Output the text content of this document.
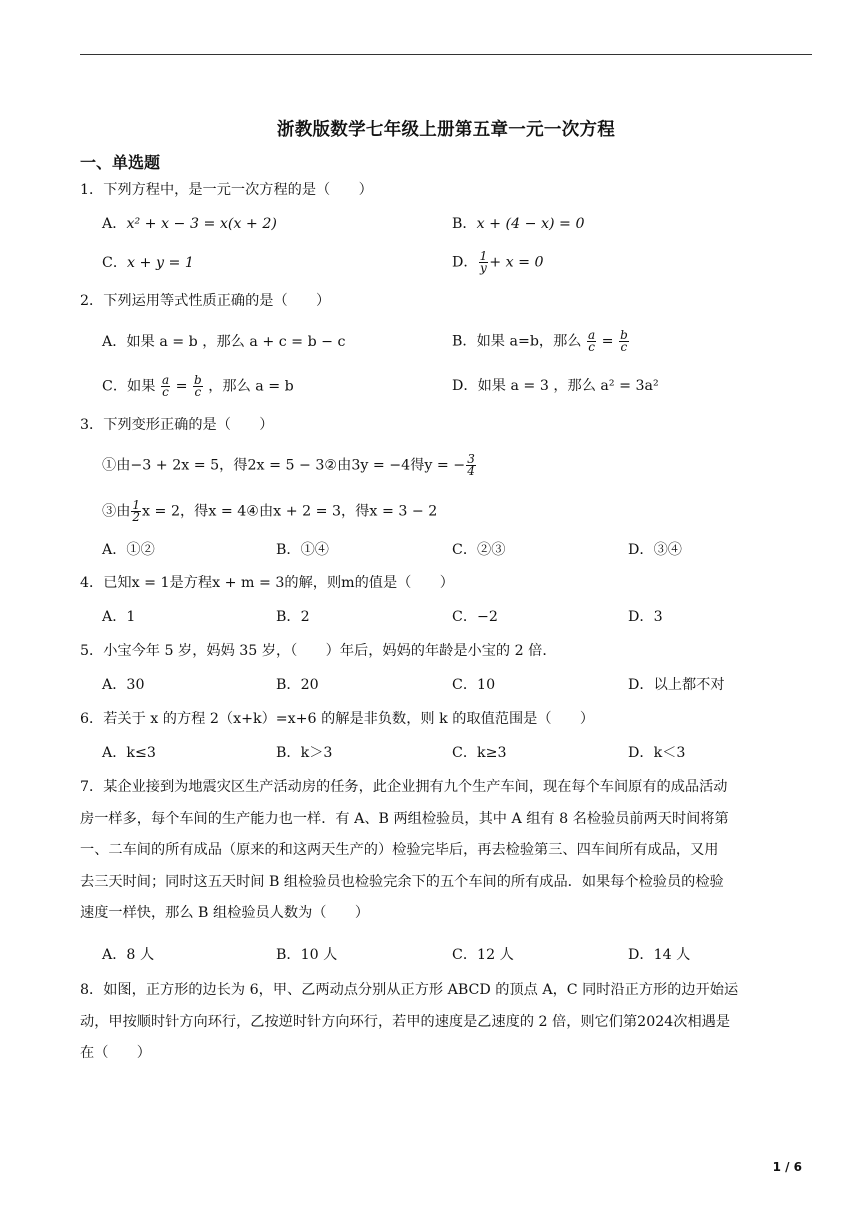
浙教版数学七年级上册第五章一元一次方程
一、单选题
1．下列方程中，是一元一次方程的是（　　）
A．x² + x − 3 = x(x + 2)	B．x + (4 − x) = 0
C．x + y = 1	D． $\frac{1}{y} + x = 0$
2．下列运用等式性质正确的是（　　）
A．如果 a = b ，那么 a + c = b − c	B．如果 a=b，那么 $\frac{a}{c} = \frac{b}{c}$
C．如果 $\frac{a}{c} = \frac{b}{c}$ ，那么 a = b	D．如果 a = 3 ，那么 a² = 3a²
3．下列变形正确的是（　　）
①由−3 + 2x = 5，得2x = 5 − 3②由3y = −4得y = − $\frac{3}{4}$
③由 $\frac{1}{2}$ x = 2，得x = 4④由x + 2 = 3，得x = 3 − 2
A．①②	B．①④	C．②③	D．③④
4．已知x = 1是方程x + m = 3的解，则m的值是（　　）
A．1	B．2	C．−2	D．3
5．小宝今年 5 岁，妈妈 35 岁，（　　）年后，妈妈的年龄是小宝的 2 倍．
A．30	B．20	C．10	D．以上都不对
6．若关于 x 的方程 2（x+k）=x+6 的解是非负数，则 k 的取值范围是（　　）
A．k≤3	B．k＞3	C．k≥3	D．k＜3
7．某企业接到为地震灾区生产活动房的任务，此企业拥有九个生产车间，现在每个车间原有的成品活动
房一样多，每个车间的生产能力也一样．有 A、B 两组检验员，其中 A 组有 8 名检验员前两天时间将第
一、二车间的所有成品（原来的和这两天生产的）检验完毕后，再去检验第三、四车间所有成品，又用
去三天时间；同时这五天时间 B 组检验员也检验完余下的五个车间的所有成品．如果每个检验员的检验
速度一样快，那么 B 组检验员人数为（　　）
A．8 人	B．10 人	C．12 人	D．14 人
8．如图，正方形的边长为 6，甲、乙两动点分别从正方形 ABCD 的顶点 A，C 同时沿正方形的边开始运
动，甲按顺时针方向环行，乙按逆时针方向环行，若甲的速度是乙速度的 2 倍，则它们第2024次相遇是
在（　　）
1 / 6
